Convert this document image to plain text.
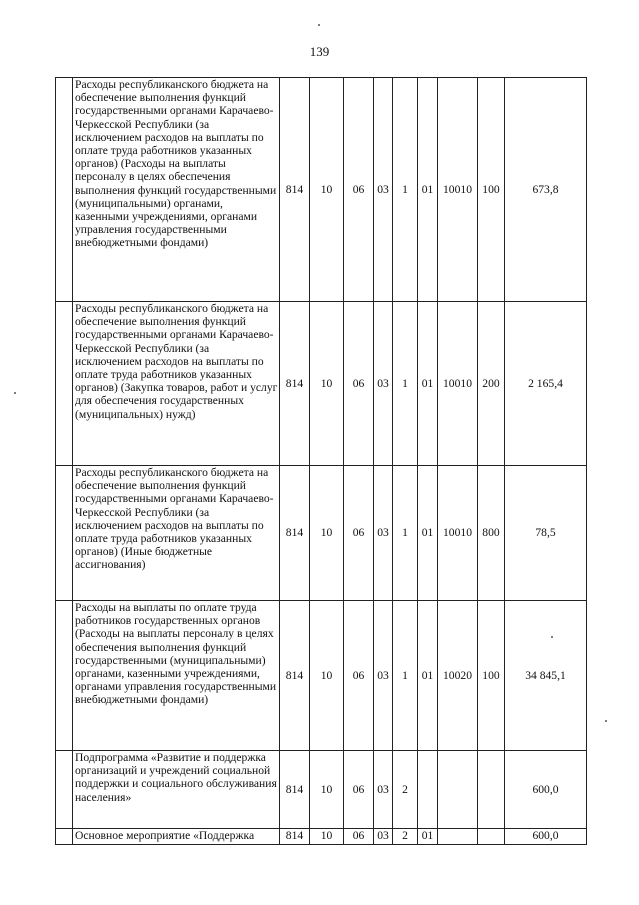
139
	Расходы республиканского бюджета на обеспечение выполнения функций государственными органами Карачаево-Черкесской Республики (за исключением расходов на выплаты по оплате труда работников указанных органов) (Расходы на выплаты персоналу в целях обеспечения выполнения функций государственными (муниципальными) органами, казенными учреждениями, органами управления государственными внебюджетными фондами)	814	10	06	03	1	01	10010	100	673,8
	Расходы республиканского бюджета на обеспечение выполнения функций государственными органами Карачаево-Черкесской Республики (за исключением расходов на выплаты по оплате труда работников указанных органов) (Закупка товаров, работ и услуг для обеспечения государственных (муниципальных) нужд)	814	10	06	03	1	01	10010	200	2 165,4
	Расходы республиканского бюджета на обеспечение выполнения функций государственными органами Карачаево-Черкесской Республики (за исключением расходов на выплаты по оплате труда работников указанных органов) (Иные бюджетные ассигнования)	814	10	06	03	1	01	10010	800	78,5
	Расходы на выплаты по оплате труда работников государственных органов (Расходы на выплаты персоналу в целях обеспечения выполнения функций государственными (муниципальными) органами, казенными учреждениями, органами управления государственными внебюджетными фондами)	814	10	06	03	1	01	10020	100	34 845,1
	Подпрограмма «Развитие и поддержка организаций и учреждений социальной поддержки и социального обслуживания населения»	814	10	06	03	2				600,0
	Основное мероприятие «Поддержка	814	10	06	03	2	01			600,0
